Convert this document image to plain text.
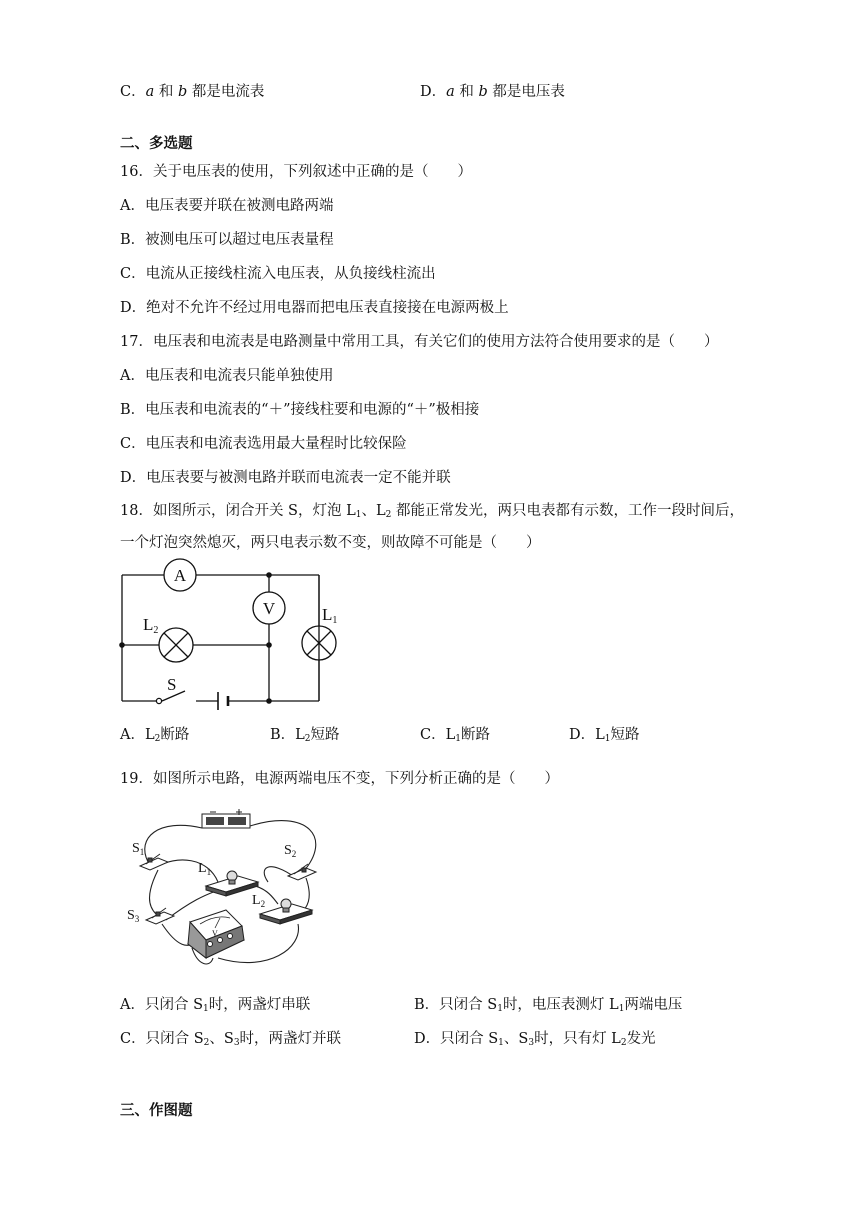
C．a 和 b 都是电流表	D．a 和 b 都是电压表
二、多选题
16．关于电压表的使用，下列叙述中正确的是（　　）
A．电压表要并联在被测电路两端
B．被测电压可以超过电压表量程
C．电流从正接线柱流入电压表，从负接线柱流出
D．绝对不允许不经过用电器而把电压表直接接在电源两极上
17．电压表和电流表是电路测量中常用工具，有关它们的使用方法符合使用要求的是（　　）
A．电压表和电流表只能单独使用
B．电压表和电流表的“＋”接线柱要和电源的“＋”极相接
C．电压表和电流表选用最大量程时比较保险
D．电压表要与被测电路并联而电流表一定不能并联
18．如图所示，闭合开关 S，灯泡 $L_1$、$L_2$ 都能正常发光，两只电表都有示数，工作一段时间后，
一个灯泡突然熄灭，两只电表示数不变，则故障不可能是（　　）
A
V
L2
L1
S
A．$L_2$断路	B．$L_2$短路	C．$L_1$断路	D．$L_1$短路
19．如图所示电路，电源两端电压不变，下列分析正确的是（　　）
V
$S_1$	$S_2$
$S_3$
$L_1$
$L_2$
A．只闭合 $S_1$时，两盏灯串联	B．只闭合 $S_1$时，电压表测灯 $L_1$两端电压
C．只闭合 $S_2$、$S_3$时，两盏灯并联	D．只闭合 $S_1$、$S_3$时，只有灯 $L_2$发光
三、作图题
